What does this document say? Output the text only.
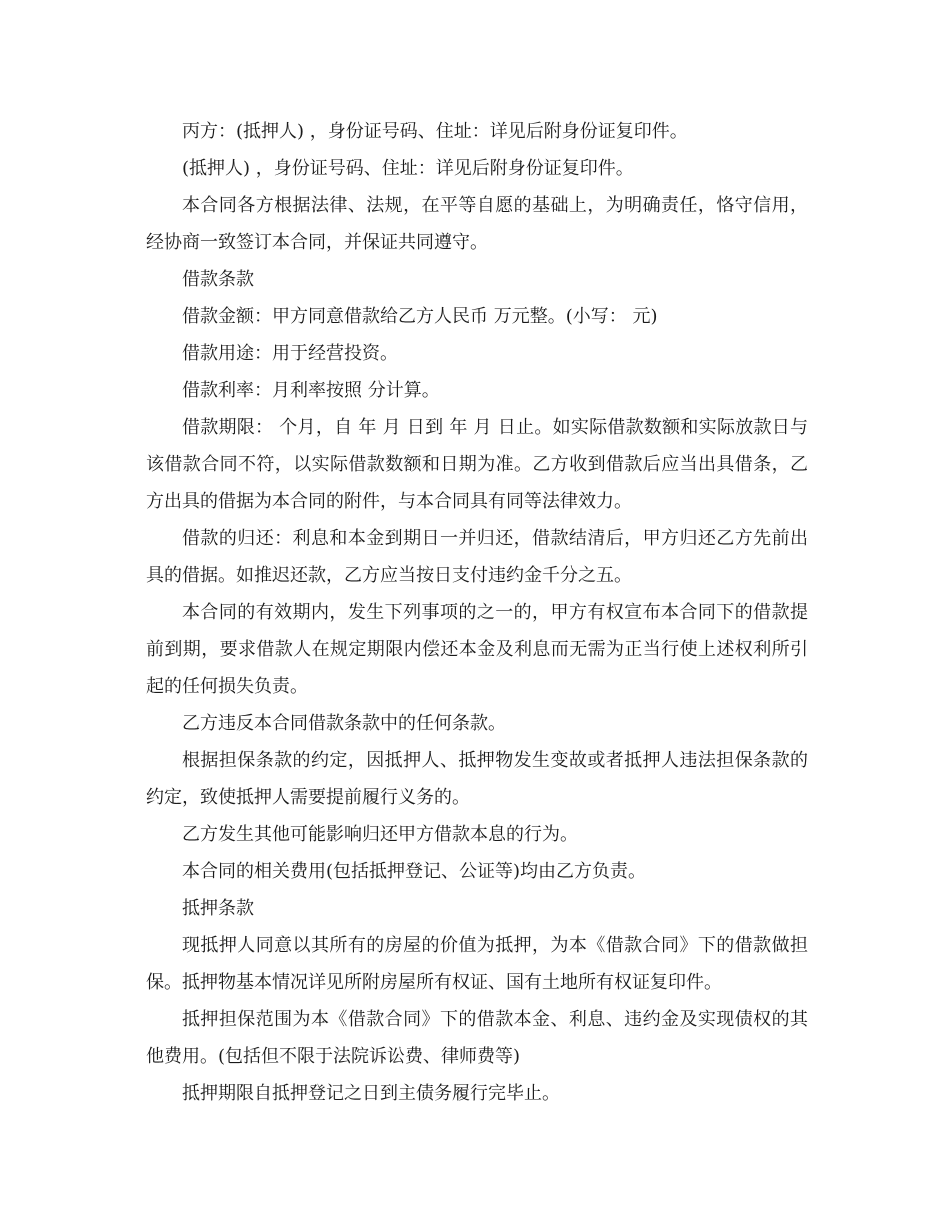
丙方：(抵押人) ，身份证号码、住址：详见后附身份证复印件。

(抵押人) ，身份证号码、住址：详见后附身份证复印件。

本合同各方根据法律、法规，在平等自愿的基础上，为明确责任，恪守信用，经协商一致签订本合同，并保证共同遵守。

借款条款

借款金额：甲方同意借款给乙方人民币 万元整。(小写： 元)

借款用途：用于经营投资。

借款利率：月利率按照 分计算。

借款期限： 个月，自 年 月 日到 年 月 日止。如实际借款数额和实际放款日与该借款合同不符，以实际借款数额和日期为准。乙方收到借款后应当出具借条，乙方出具的借据为本合同的附件，与本合同具有同等法律效力。

借款的归还：利息和本金到期日一并归还，借款结清后，甲方归还乙方先前出具的借据。如推迟还款，乙方应当按日支付违约金千分之五。

本合同的有效期内，发生下列事项的之一的，甲方有权宣布本合同下的借款提前到期，要求借款人在规定期限内偿还本金及利息而无需为正当行使上述权利所引起的任何损失负责。

乙方违反本合同借款条款中的任何条款。

根据担保条款的约定，因抵押人、抵押物发生变故或者抵押人违法担保条款的约定，致使抵押人需要提前履行义务的。

乙方发生其他可能影响归还甲方借款本息的行为。

本合同的相关费用(包括抵押登记、公证等)均由乙方负责。

抵押条款

现抵押人同意以其所有的房屋的价值为抵押，为本《借款合同》下的借款做担保。抵押物基本情况详见所附房屋所有权证、国有土地所有权证复印件。

抵押担保范围为本《借款合同》下的借款本金、利息、违约金及实现债权的其他费用。(包括但不限于法院诉讼费、律师费等)

抵押期限自抵押登记之日到主债务履行完毕止。
